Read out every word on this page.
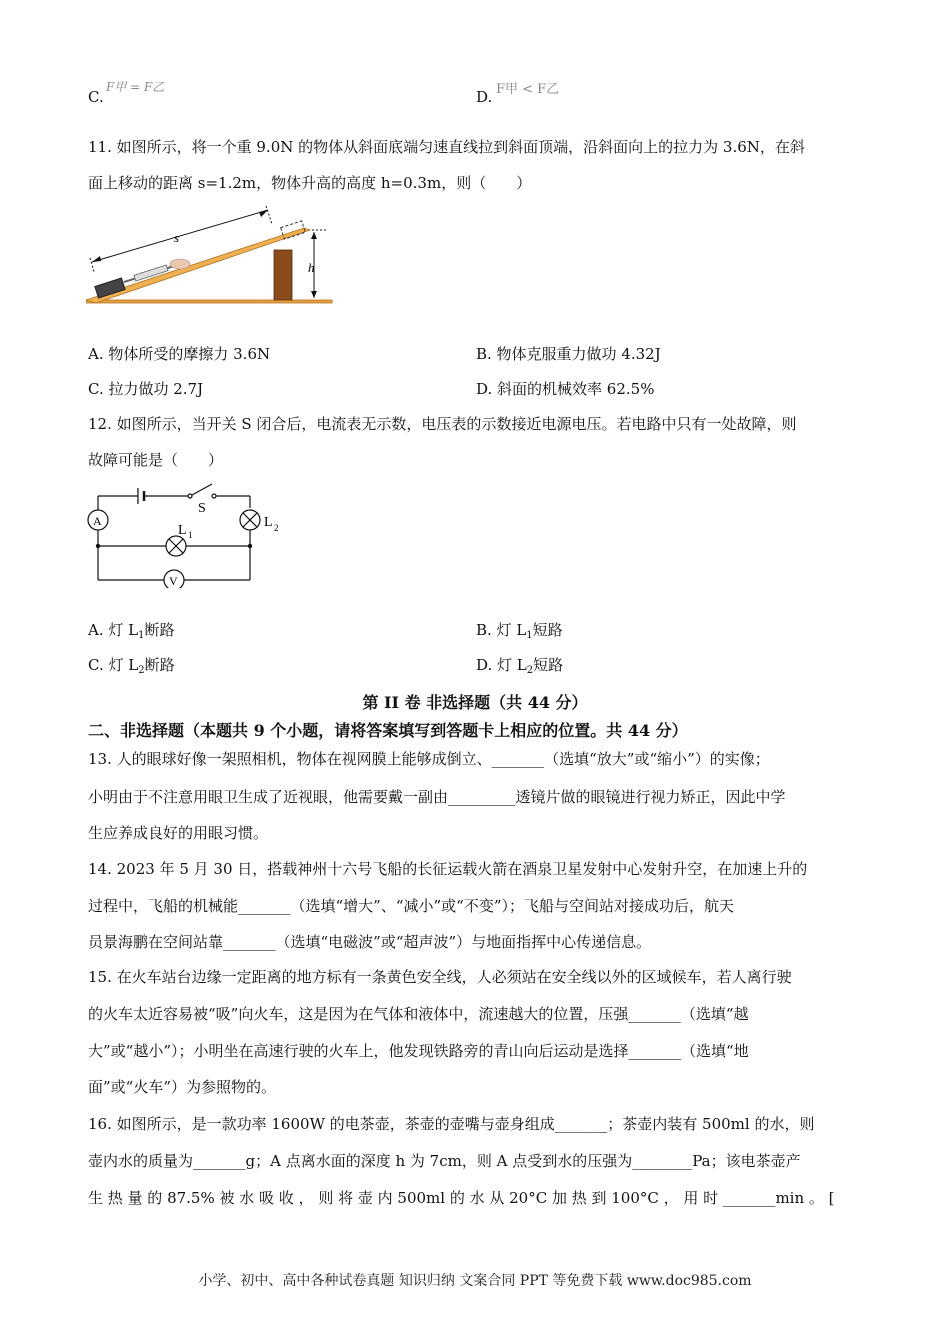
C.
F甲 = F乙
D. F甲 < F乙
11. 如图所示，将一个重 9.0N 的物体从斜面底端匀速直线拉到斜面顶端，沿斜面向上的拉力为 3.6N，在斜
面上移动的距离 s=1.2m，物体升高的高度 h=0.3m，则（　　）
s
h
A. 物体所受的摩擦力 3.6N	B. 物体克服重力做功 4.32J
C. 拉力做功 2.7J	D. 斜面的机械效率 62.5%
12. 如图所示，当开关 S 闭合后，电流表无示数，电压表的示数接近电源电压。若电路中只有一处故障，则
故障可能是（　　）
A
V
S
L 1
L 2
A. 灯 $L_1$断路	B. 灯 $L_1$短路
C. 灯 $L_2$断路	D. 灯 $L_2$短路
第 II 卷 非选择题（共 44 分）
二、非选择题（本题共 9 个小题，请将答案填写到答题卡上相应的位置。共 44 分）
13. 人的眼球好像一架照相机，物体在视网膜上能够成倒立、_______（选填“放大”或“缩小”）的实像；
小明由于不注意用眼卫生成了近视眼，他需要戴一副由_________透镜片做的眼镜进行视力矫正，因此中学
生应养成良好的用眼习惯。
14. 2023 年 5 月 30 日，搭载神州十六号飞船的长征运载火箭在酒泉卫星发射中心发射升空，在加速上升的
过程中，飞船的机械能_______（选填“增大”、“减小”或“不变”）；飞船与空间站对接成功后，航天
员景海鹏在空间站靠_______（选填“电磁波”或“超声波”）与地面指挥中心传递信息。
15. 在火车站台边缘一定距离的地方标有一条黄色安全线，人必须站在安全线以外的区域候车，若人离行驶
的火车太近容易被“吸”向火车，这是因为在气体和液体中，流速越大的位置，压强_______（选填“越
大”或“越小”）；小明坐在高速行驶的火车上，他发现铁路旁的青山向后运动是选择_______（选填“地
面”或“火车”）为参照物的。
16. 如图所示，是一款功率 1600W 的电茶壶，茶壶的壶嘴与壶身组成_______；茶壶内装有 500ml 的水，则
壶内水的质量为_______g；A 点离水面的深度 h 为 7cm，则 A 点受到水的压强为________Pa；该电茶壶产
生 热 量 的 87.5% 被 水 吸 收 ， 则 将 壶 内 500ml 的 水 从 20°C 加 热 到 100°C ， 用 时 _______min 。 [
小学、初中、高中各种试卷真题 知识归纳 文案合同 PPT 等免费下载 www.doc985.com
